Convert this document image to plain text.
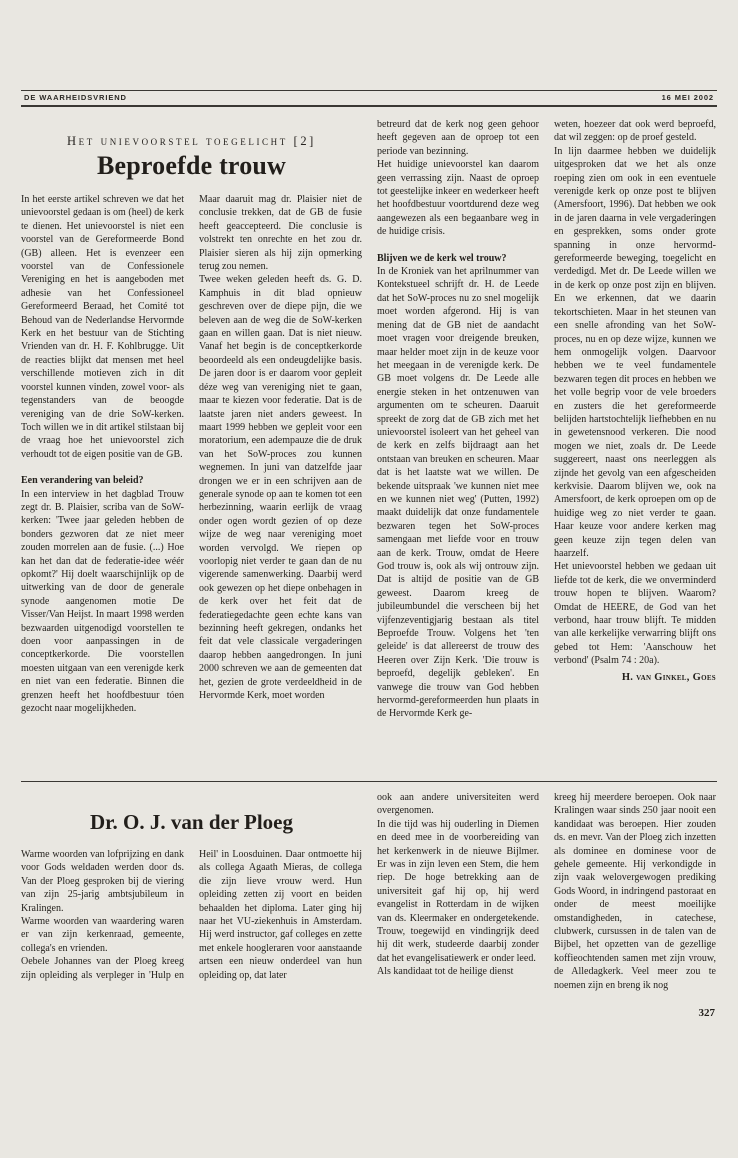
DE WAARHEIDSVRIEND	16 MEI 2002
Het unievoorstel toegelicht [2]
Beproefde trouw

In het eerste artikel schreven we dat het unievoorstel gedaan is om (heel) de kerk te dienen. Het unievoorstel is niet een voorstel van de Gereformeerde Bond (GB) alleen. Het is evenzeer een voorstel van de Confessionele Vereniging en het is aangeboden met adhesie van het Confessioneel Gereformeerd Beraad, het Comité tot Behoud van de Nederlandse Hervormde Kerk en het bestuur van de Stichting Vrienden van dr. H. F. Kohlbrugge. Uit de reacties blijkt dat mensen met heel verschillende motieven zich in dit voorstel kunnen vinden, zowel voor- als tegenstanders van de beoogde vereniging van de drie SoW-kerken. Toch willen we in dit artikel stilstaan bij de vraag hoe het unievoorstel zich verhoudt tot de eigen positie van de GB.

Een verandering van beleid?

In een interview in het dagblad Trouw zegt dr. B. Plaisier, scriba van de SoW-kerken: 'Twee jaar geleden hebben de bonders gezworen dat ze niet meer zouden morrelen aan de fusie. (...) Hoe kan het dan dat de federatie-idee wéér opkomt?' Hij doelt waarschijnlijk op de uitwerking van de door de generale synode aangenomen motie De Visser/Van Heijst. In maart 1998 werden bezwaarden uitgenodigd voorstellen te doen voor aanpassingen in de conceptkerkorde. Die voorstellen moesten uitgaan van een verenigde kerk en niet van een federatie. Binnen die grenzen heeft het hoofdbestuur tóen gezocht naar mogelijkheden.

Maar daaruit mag dr. Plaisier niet de conclusie trekken, dat de GB de fusie heeft geaccepteerd. Die conclusie is volstrekt ten onrechte en het zou dr. Plaisier sieren als hij zijn opmerking terug zou nemen.

Twee weken geleden heeft ds. G. D. Kamphuis in dit blad opnieuw geschreven over de diepe pijn, die we beleven aan de weg die de SoW-kerken gaan en willen gaan. Dat is niet nieuw. Vanaf het begin is de conceptkerkorde beoordeeld als een ondeugdelijke basis. De jaren door is er daarom voor gepleit déze weg van vereniging niet te gaan, maar te kiezen voor federatie. Dat is de laatste jaren niet anders geweest. In maart 1999 hebben we gepleit voor een moratorium, een adempauze die de druk van het SoW-proces zou kunnen wegnemen. In juni van datzelfde jaar drongen we er in een schrijven aan de generale synode op aan te komen tot een herbezinning, waarin eerlijk de vraag onder ogen wordt gezien of op deze wijze de weg naar vereniging moet worden vervolgd. We riepen op voorlopig niet verder te gaan dan de nu vigerende samenwerking. Daarbij werd ook gewezen op het diepe onbehagen in de kerk over het feit dat de federatiegedachte geen echte kans van bezinning heeft gekregen, ondanks het feit dat vele classicale vergaderingen daarop hebben aangedrongen. In juni 2000 schreven we aan de gemeenten dat het, gezien de grote verdeeldheid in de Hervormde Kerk, moet worden

betreurd dat de kerk nog geen gehoor heeft gegeven aan de oproep tot een periode van bezinning.

Het huidige unievoorstel kan daarom geen verrassing zijn. Naast de oproep tot geestelijke inkeer en wederkeer heeft het hoofdbestuur voortdurend deze weg aangewezen als een begaanbare weg in de huidige crisis.

Blijven we de kerk wel trouw?

In de Kroniek van het aprilnummer van Kontekstueel schrijft dr. H. de Leede dat het SoW-proces nu zo snel mogelijk moet worden afgerond. Hij is van mening dat de GB niet de aandacht moet vragen voor dreigende breuken, maar helder moet zijn in de keuze voor het meegaan in de verenigde kerk. De GB moet volgens dr. De Leede alle energie steken in het ontzenuwen van argumenten om te scheuren. Daaruit spreekt de zorg dat de GB zich met het unievoorstel isoleert van het geheel van de kerk en zelfs bijdraagt aan het ontstaan van breuken en scheuren. Maar dat is het laatste wat we willen. De bekende uitspraak 'we kunnen niet mee en we kunnen niet weg' (Putten, 1992) maakt duidelijk dat onze fundamentele bezwaren tegen het SoW-proces samengaan met liefde voor en trouw aan de kerk. Trouw, omdat de Heere God trouw is, ook als wij ontrouw zijn. Dat is altijd de positie van de GB geweest. Daarom kreeg de jubileumbundel die verscheen bij het vijfenzeventigjarig bestaan als titel Beproefde Trouw. Volgens het 'ten geleide' is dat allereerst de trouw des Heeren over Zijn Kerk. 'Die trouw is beproefd, degelijk gebleken'. En vanwege die trouw van God hebben hervormd-gereformeerden hun plaats in de Hervormde Kerk ge-

weten, hoezeer dat ook werd beproefd, dat wil zeggen: op de proef gesteld.

In lijn daarmee hebben we duidelijk uitgesproken dat we het als onze roeping zien om ook in een eventuele verenigde kerk op onze post te blijven (Amersfoort, 1996). Dat hebben we ook in de jaren daarna in vele vergaderingen en gesprekken, soms onder grote spanning in onze hervormd-gereformeerde beweging, toegelicht en verdedigd. Met dr. De Leede willen we in de kerk op onze post zijn en blijven. En we erkennen, dat we daarin tekortschieten. Maar in het steunen van een snelle afronding van het SoW-proces, nu en op deze wijze, kunnen we hem onmogelijk volgen. Daarvoor hebben we te veel fundamentele bezwaren tegen dit proces en hebben we het volle begrip voor de vele broeders en zusters die het gereformeerde belijden hartstochtelijk liefhebben en nu in gewetensnood verkeren. Die nood mogen we niet, zoals dr. De Leede suggereert, naast ons neerleggen als zijnde het gevolg van een afgescheiden kerkvisie. Daarom blijven we, ook na Amersfoort, de kerk oproepen om op de huidige weg zo niet verder te gaan. Haar keuze voor andere kerken mag geen keuze zijn tegen delen van haarzelf.

Het unievoorstel hebben we gedaan uit liefde tot de kerk, die we onverminderd trouw hopen te blijven. Waarom? Omdat de HEERE, de God van het verbond, haar trouw blijft. Te midden van alle kerkelijke verwarring blijft ons gebed tot Hem: 'Aanschouw het verbond' (Psalm 74 : 20a).

H. van Ginkel, Goes
Dr. O. J. van der Ploeg

Warme woorden van lofprijzing en dank voor Gods weldaden werden door ds. Van der Ploeg gesproken bij de viering van zijn 25-jarig ambtsjubileum in Kralingen.

Warme woorden van waardering waren er van zijn kerkenraad, gemeente, collega's en vrienden.

Oebele Johannes van der Ploeg kreeg zijn opleiding als verpleger in 'Hulp en Heil' in Loosduinen. Daar ontmoette hij als collega Agaath Mieras, de collega die zijn lieve vrouw werd. Hun opleiding zetten zij voort en beiden behaalden het diploma. Later ging hij naar het VU-ziekenhuis in Amsterdam. Hij werd instructor, gaf colleges en zette met enkele hoogleraren voor aanstaande artsen een nieuw onderdeel van hun opleiding op, dat later

ook aan andere universiteiten werd overgenomen.

In die tijd was hij ouderling in Diemen en deed mee in de voorbereiding van het kerkenwerk in de nieuwe Bijlmer. Er was in zijn leven een Stem, die hem riep. De hoge betrekking aan de universiteit gaf hij op, hij werd evangelist in Rotterdam in de wijken van ds. Kleermaker en ondergetekende. Trouw, toegewijd en vindingrijk deed hij dit werk, studeerde daarbij zonder dat het evangelisatiewerk er onder leed.

Als kandidaat tot de heilige dienst

kreeg hij meerdere beroepen. Ook naar Kralingen waar sinds 250 jaar nooit een kandidaat was beroepen. Hier zouden ds. en mevr. Van der Ploeg zich inzetten als dominee en dominese voor de gehele gemeente. Hij verkondigde in zijn vaak welovergewogen prediking Gods Woord, in indringend pastoraat en onder de meest moeilijke omstandigheden, in catechese, clubwerk, cursussen in de talen van de Bijbel, het opzetten van de gezellige koffieochtenden samen met zijn vrouw, de Alledagkerk. Veel meer zou te noemen zijn en breng ik nog

327
